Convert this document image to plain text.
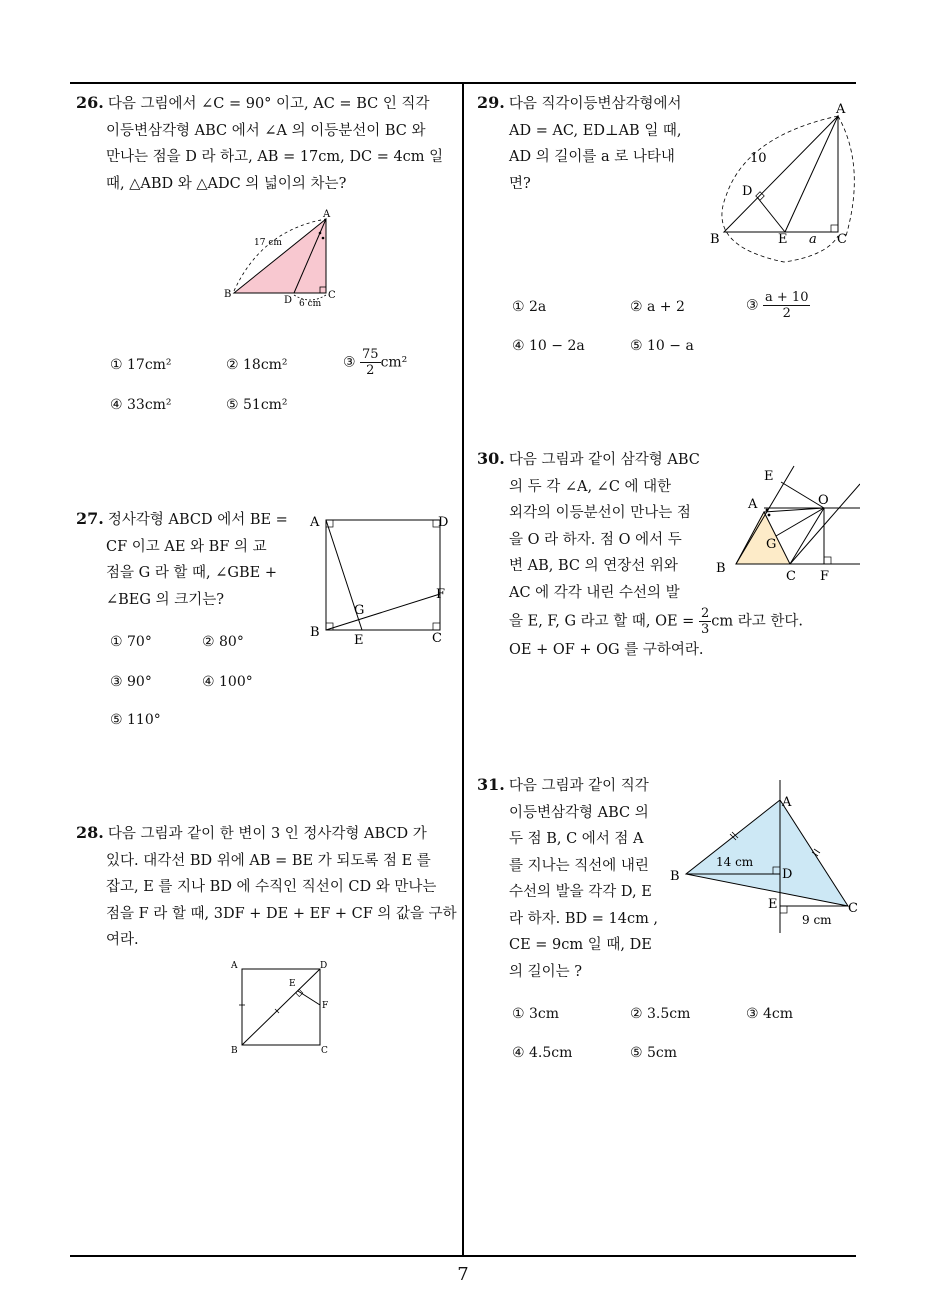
7
26. 다음 그림에서 ∠C = 90° 이고, AC = BC 인 직각
이등변삼각형 ABC 에서 ∠A 의 이등분선이 BC 와
만나는 점을 D 라 하고, AB = 17cm, DC = 4cm 일
때, △ABD 와 △ADC 의 넓이의 차는?
A
B	C
D
17 cm
6 cm
① 17cm²	② 18cm²	③ $\frac{75}{2} cm^2$
④ 33cm²	⑤ 51cm²
27. 정사각형 ABCD 에서 BE =
CF 이고 AE 와 BF 의 교
점을 G 라 할 때, ∠GBE +
∠BEG 의 크기는?
A	D
B	C
E
F
G
① 70°	② 80°
③ 90°	④ 100°
⑤ 110°
28. 다음 그림과 같이 한 변이 3 인 정사각형 ABCD 가
있다. 대각선 BD 위에 AB = BE 가 되도록 점 E 를
잡고, E 를 지나 BD 에 수직인 직선이 CD 와 만나는
점을 F 라 할 때, 3DF + DE + EF + CF 의 값을 구하
여라.
A	D
B	C
E
F
29. 다음 직각이등변삼각형에서
AD = AC, ED⊥AB 일 때,
AD 의 길이를 a 로 나타내
면?
A
B	C
D
E
10
a
① 2a	② a + 2	③ $\frac{a + 10}{2}$
④ 10 − 2a	⑤ 10 − a
30. 다음 그림과 같이 삼각형 ABC
의 두 각 ∠A, ∠C 에 대한
외각의 이등분선이 만나는 점
을 O 라 하자. 점 O 에서 두
변 AB, BC 의 연장선 위와
AC 에 각각 내린 수선의 발
을 E, F, G 라고 할 때, OE = $\frac{2}{3}$ cm 라고 한다.
OE + OF + OG 를 구하여라.
E
A	O
G
B
C F
31. 다음 그림과 같이 직각
이등변삼각형 ABC 의
두 점 B, C 에서 점 A
를 지나는 직선에 내린
수선의 발을 각각 D, E
라 하자. BD = 14cm ,
CE = 9cm 일 때, DE
의 길이는 ?
A
B
C
D
E
14 cm
9 cm
① 3cm	② 3.5cm	③ 4cm
④ 4.5cm	⑤ 5cm
